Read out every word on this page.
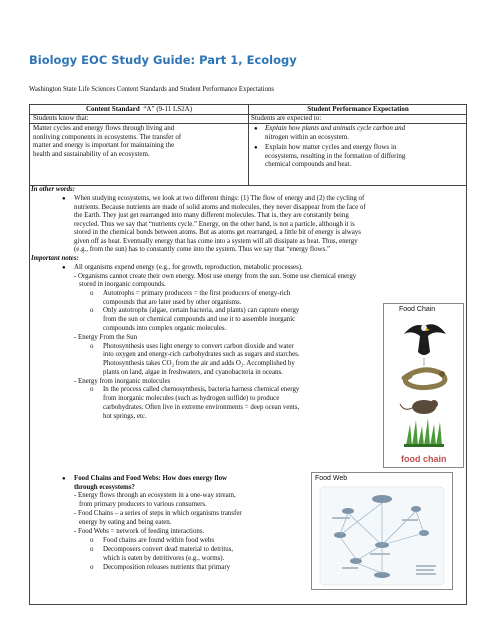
Biology EOC Study Guide: Part 1, Ecology
Washington State Life Sciences Content Standards and Student Performance Expectations
Content Standard “A” (9-11 LS2A)	Student Performance Expectation
Students know that:	Students are expected to:
Matter cycles and energy flows through living and
nonliving components in ecosystems. The transfer of
matter and energy is important for maintaining the
health and sustainability of an ecosystem.
● Explain how plants and animals cycle carbon and
nitrogen within an ecosystem.
● Explain how matter cycles and energy flows in
ecosystems, resulting in the formation of differing
chemical compounds and heat.
In other words:
● When studying ecosystems, we look at two different things: (1) The flow of energy and (2) the cycling of
nutrients. Because nutrients are made of solid atoms and molecules, they never disappear from the face of
the Earth. They just get rearranged into many different molecules. That is, they are constantly being
recycled. Thus we say that “nutrients cycle.” Energy, on the other hand, is not a particle, although it is
stored in the chemical bonds between atoms. But as atoms get rearranged, a little bit of energy is always
given off as heat. Eventually energy that has come into a system will all dissipate as heat. Thus, energy
(e.g., from the sun) has to constantly come into the system. Thus we say that “energy flows.”
Important notes:
● All organisms expend energy (e.g., for growth, reproduction, metabolic processes).
- Organisms cannot create their own energy. Most use energy from the sun. Some use chemical energy
stored in inorganic compounds.
o Autotrophs = primary producers = the first producers of energy-rich
compounds that are later used by other organisms.
o Only autotrophs (algae, certain bacteria, and plants) can capture energy
from the sun or chemical compounds and use it to assemble inorganic
compounds into complex organic molecules.
- Energy From the Sun
o Photosynthesis uses light energy to convert carbon dioxide and water
into oxygen and energy-rich carbohydrates such as sugars and starches.
Photosynthesis takes CO₂ from the air and adds O₂. Accomplished by
plants on land, algae in freshwaters, and cyanobacteria in oceans.
- Energy from inorganic molecules
o In the process called chemosynthesis, bacteria harness chemical energy
from inorganic molecules (such as hydrogen sulfide) to produce
carbohydrates. Often live in extreme environments = deep ocean vents,
hot springs, etc.
Food Chain
food chain
● Food Chains and Food Webs: How does energy flow
through ecosystems?
- Energy flows through an ecosystem in a one-way stream,
from primary producers to various consumers.
- Food Chains – a series of steps in which organisms transfer
energy by eating and being eaten.
- Food Webs = network of feeding interactions.
o Food chains are found within food webs
o Decomposers convert dead material to detritus,
which is eaten by detritivores (e.g., worms).
o Decomposition releases nutrients that primary
Food Web
